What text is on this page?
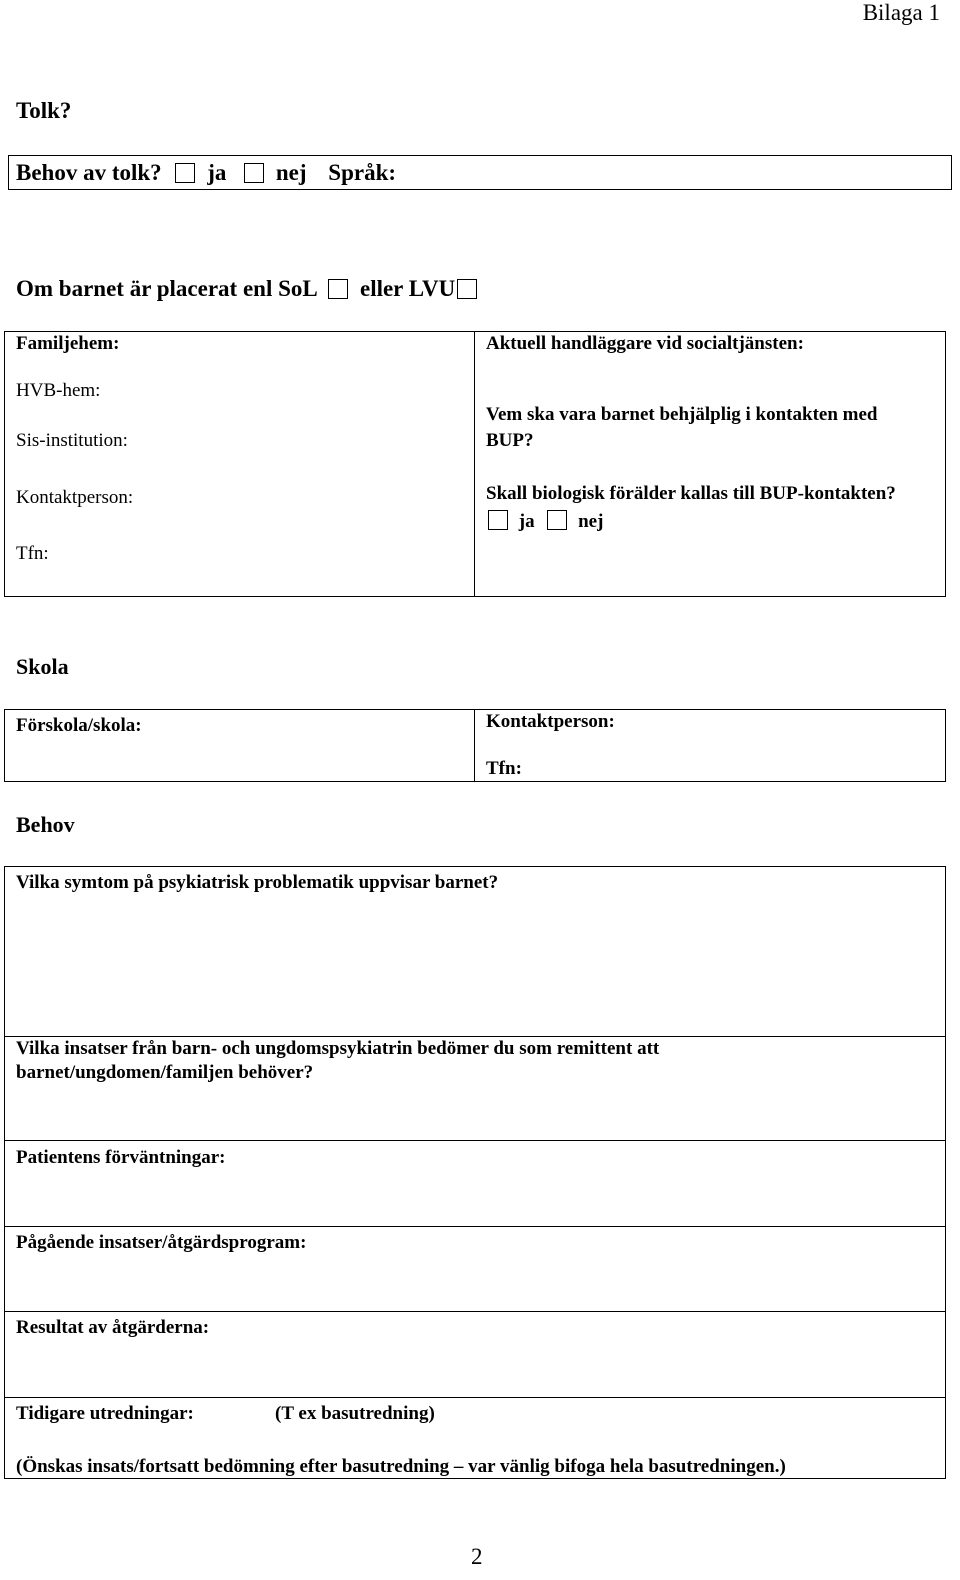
Bilaga 1
Tolk?
Behov av tolk? ja nej Språk:
Om barnet är placerat enl SoL eller LVU
Familjehem:
HVB-hem:
Sis-institution:
Kontaktperson:
Tfn:
Aktuell handläggare vid socialtjänsten:
Vem ska vara barnet behjälplig i kontakten med
BUP?
Skall biologisk förälder kallas till BUP-kontakten?
ja nej
Skola
Förskola/skola:	Kontaktperson:
Tfn:
Behov
Vilka symtom på psykiatrisk problematik uppvisar barnet?
Vilka insatser från barn- och ungdomspsykiatrin bedömer du som remittent att
barnet/ungdomen/familjen behöver?
Patientens förväntningar:
Pågående insatser/åtgärdsprogram:
Resultat av åtgärderna:
Tidigare utredningar:	(T ex basutredning)
(Önskas insats/fortsatt bedömning efter basutredning – var vänlig bifoga hela basutredningen.)
2
